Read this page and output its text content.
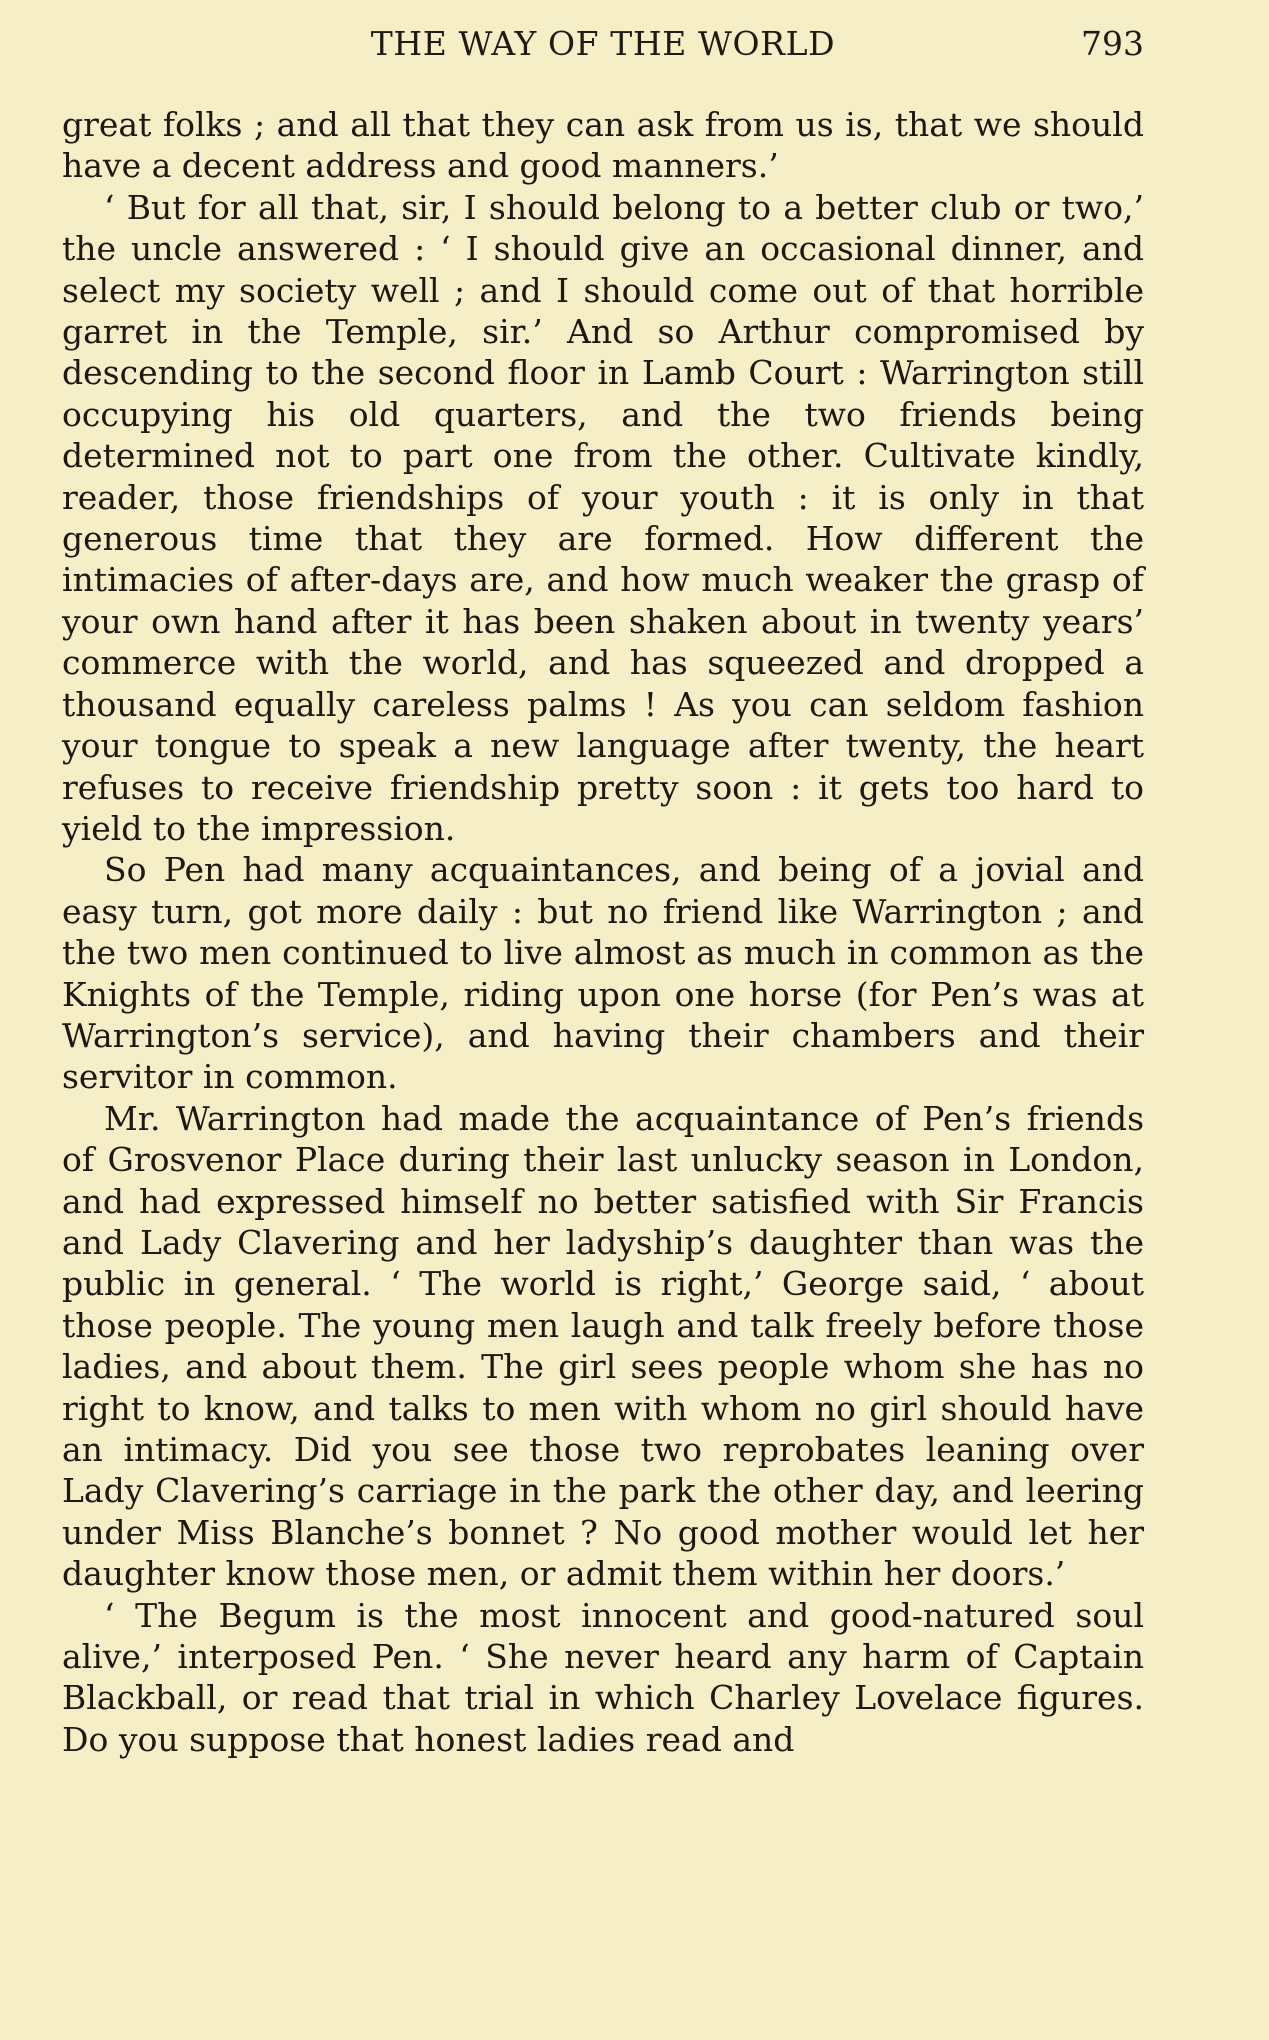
THE WAY OF THE WORLD	793

great folks ; and all that they can ask from us is, that we should have a decent address and good manners.’

‘ But for all that, sir, I should belong to a better club or two,’ the uncle answered : ‘ I should give an occasional dinner, and select my society well ; and I should come out of that horrible garret in the Temple, sir.’ And so Arthur compromised by descending to the second floor in Lamb Court : Warrington still occupying his old quarters, and the two friends being determined not to part one from the other. Cultivate kindly, reader, those friendships of your youth : it is only in that generous time that they are formed. How different the intimacies of after-days are, and how much weaker the grasp of your own hand after it has been shaken about in twenty years’ commerce with the world, and has squeezed and dropped a thousand equally careless palms ! As you can seldom fashion your tongue to speak a new language after twenty, the heart refuses to receive friendship pretty soon : it gets too hard to yield to the impression.

So Pen had many acquaintances, and being of a jovial and easy turn, got more daily : but no friend like Warrington ; and the two men continued to live almost as much in common as the Knights of the Temple, riding upon one horse (for Pen’s was at Warrington’s service), and having their chambers and their servitor in common.

Mr. Warrington had made the acquaintance of Pen’s friends of Grosvenor Place during their last unlucky season in London, and had expressed himself no better satisfied with Sir Francis and Lady Clavering and her ladyship’s daughter than was the public in general. ‘ The world is right,’ George said, ‘ about those people. The young men laugh and talk freely before those ladies, and about them. The girl sees people whom she has no right to know, and talks to men with whom no girl should have an intimacy. Did you see those two reprobates leaning over Lady Clavering’s carriage in the park the other day, and leering under Miss Blanche’s bonnet ? No good mother would let her daughter know those men, or admit them within her doors.’

‘ The Begum is the most innocent and good-natured soul alive,’ interposed Pen. ‘ She never heard any harm of Captain Blackball, or read that trial in which Charley Lovelace figures. Do you suppose that honest ladies read and
